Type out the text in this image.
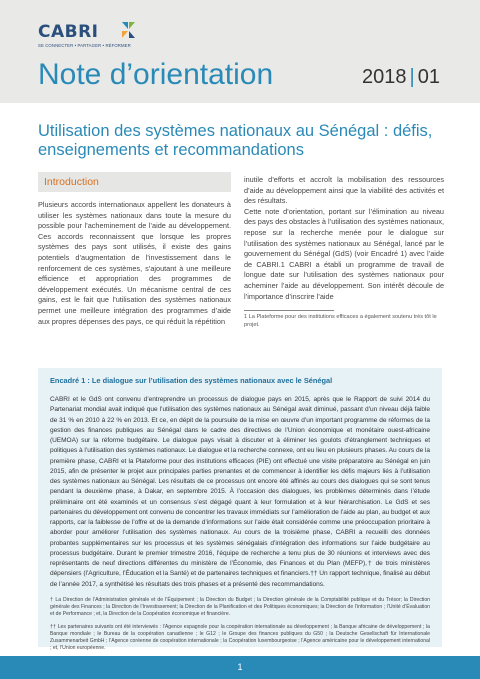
CABRI
SE CONNECTER • PARTAGER • RÉFORMER
Note d’orientation	2018 | 01
Utilisation des systèmes nationaux au Sénégal : défis, enseignements et recommandations
Introduction

Plusieurs accords internationaux appellent les donateurs à utiliser les systèmes nationaux dans toute la mesure du possible pour l’acheminement de l’aide au développement. Ces accords reconnaissent que lorsque les propres systèmes des pays sont utilisés, il existe des gains potentiels d’augmentation de l’investissement dans le renforcement de ces systèmes, s’ajoutant à une meilleure efficience et appropriation des programmes de développement exécutés. Un mécanisme central de ces gains, est le fait que l’utilisation des systèmes nationaux permet une meilleure intégration des programmes d’aide aux propres dépenses des pays, ce qui réduit la répétition

inutile d’efforts et accroît la mobilisation des ressources d’aide au développement ainsi que la viabilité des activités et des résultats.

Cette note d’orientation, portant sur l’élimination au niveau des pays des obstacles à l’utilisation des systèmes nationaux, repose sur la recherche menée pour le dialogue sur l’utilisation des systèmes nationaux au Sénégal, lancé par le gouvernement du Sénégal (GdS) (voir Encadré 1) avec l’aide de CABRI.1 CABRI a établi un programme de travail de longue date sur l’utilisation des systèmes nationaux pour acheminer l’aide au développement. Son intérêt découle de l’importance d’inscrire l’aide

1 La Plateforme pour des institutions efficaces a également soutenu très tôt le projet.

Encadré 1 : Le dialogue sur l’utilisation des systèmes nationaux avec le Sénégal

CABRI et le GdS ont convenu d’entreprendre un processus de dialogue pays en 2015, après que le Rapport de suivi 2014 du Partenariat mondial avait indiqué que l’utilisation des systèmes nationaux au Sénégal avait diminué, passant d’un niveau déjà faible de 31 % en 2010 à 22 % en 2013. Et ce, en dépit de la poursuite de la mise en œuvre d’un important programme de réformes de la gestion des finances publiques au Sénégal dans le cadre des directives de l’Union économique et monétaire ouest-africaine (UEMOA) sur la réforme budgétaire. Le dialogue pays visait à discuter et à éliminer les goulots d’étranglement techniques et politiques à l’utilisation des systèmes nationaux. Le dialogue et la recherche connexe, ont eu lieu en plusieurs phases. Au cours de la première phase, CABRI et la Plateforme pour des institutions efficaces (PIE) ont effectué une visite préparatoire au Sénégal en juin 2015, afin de présenter le projet aux principales parties prenantes et de commencer à identifier les défis majeurs liés à l’utilisation des systèmes nationaux au Sénégal. Les résultats de ce processus ont encore été affinés au cours des dialogues qui se sont tenus pendant la deuxième phase, à Dakar, en septembre 2015. À l’occasion des dialogues, les problèmes déterminés dans l’étude préliminaire ont été examinés et un consensus s’est dégagé quant à leur formulation et à leur hiérarchisation. Le GdS et ses partenaires du développement ont convenu de concentrer les travaux immédiats sur l’amélioration de l’aide au plan, au budget et aux rapports, car la faiblesse de l’offre et de la demande d’informations sur l’aide était considérée comme une préoccupation prioritaire à aborder pour améliorer l’utilisation des systèmes nationaux. Au cours de la troisième phase, CABRI a recueilli des données probantes supplémentaires sur les processus et les systèmes sénégalais d’intégration des informations sur l’aide budgétaire au processus budgétaire. Durant le premier trimestre 2016, l’équipe de recherche a tenu plus de 30 réunions et interviews avec des représentants de neuf directions différentes du ministère de l’Économie, des Finances et du Plan (MEFP),† de trois ministères dépensiers (l’Agriculture, l’Éducation et la Santé) et de partenaires techniques et financiers.†† Un rapport technique, finalisé au début de l’année 2017, a synthétisé les résultats des trois phases et a présenté des recommandations.

† La Direction de l’Administration générale et de l’Équipement ; la Direction du Budget ; la Direction générale de la Comptabilité publique et du Trésor; la Direction générale des Finances ; la Direction de l’Investissement; la Direction de la Planification et des Politiques économiques; la Direction de l’information ; l’Unité d’Évaluation et de Performance ; et, la Direction de la Coopération économique et financière.

†† Les partenaires suivants ont été interviewés : l’Agence espagnole pour la coopération internationale au développement ; la Banque africaine de développement ; la Banque mondiale ; le Bureau de la coopération canadienne ; le G12 ; le Groupe des finances publiques du G50 ; la Deutsche Gesellschaft für Internationale Zusammenarbeit GmbH ; l’Agence coréenne de coopération internationale ; la Coopération luxembourgeoise ; l’Agence américaine pour le développement international ; et, l’Union européenne.

1
